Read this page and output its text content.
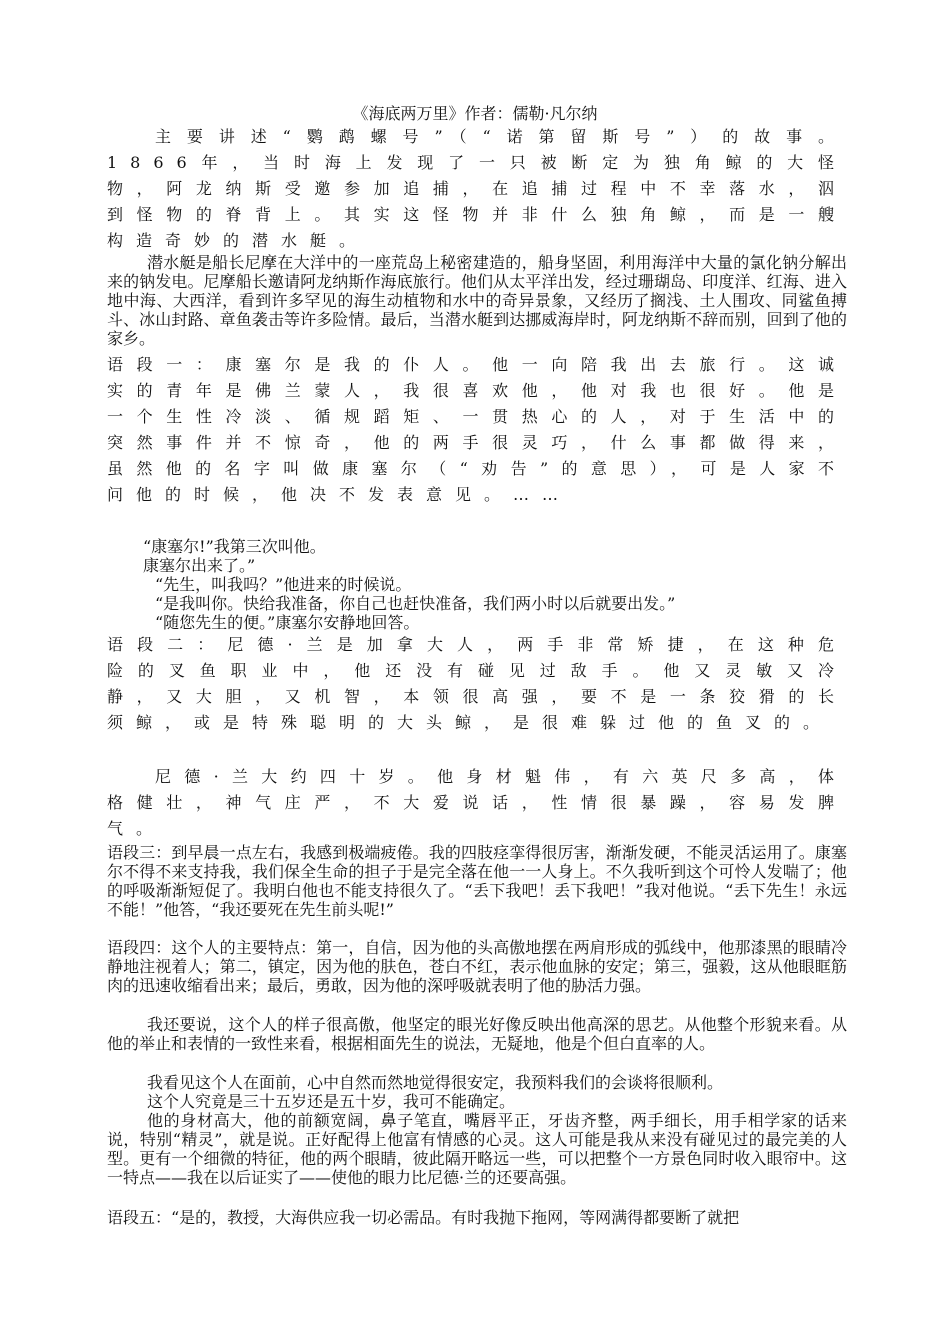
《海底两万里》作者：儒勒·凡尔纳
主要讲述“鹦鹉螺号”（“诺第留斯号”）的故事。1866年，当时海上发现了一只被断定为独角鲸的大怪物，阿龙纳斯受邀参加追捕，在追捕过程中不幸落水，泅到怪物的脊背上。其实这怪物并非什么独角鲸，而是一艘构造奇妙的潜水艇。
潜水艇是船长尼摩在大洋中的一座荒岛上秘密建造的，船身坚固，利用海洋中大量的氯化钠分解出来的钠发电。尼摩船长邀请阿龙纳斯作海底旅行。他们从太平洋出发，经过珊瑚岛、印度洋、红海、进入地中海、大西洋，看到许多罕见的海生动植物和水中的奇异景象，又经历了搁浅、土人围攻、同鲨鱼搏斗、冰山封路、章鱼袭击等许多险情。最后，当潜水艇到达挪威海岸时，阿龙纳斯不辞而别，回到了他的家乡。
语段一：康塞尔是我的仆人。他一向陪我出去旅行。这诚实的青年是佛兰蒙人，我很喜欢他，他对我也很好。他是一个生性冷淡、循规蹈矩、一贯热心的人，对于生活中的突然事件并不惊奇，他的两手很灵巧，什么事都做得来，虽然他的名字叫做康塞尔（“劝告”的意思），可是人家不问他的时候，他决不发表意见。……
“康塞尔!”我第三次叫他。
康塞尔出来了。”
“先生，叫我吗？”他进来的时候说。
“是我叫你。快给我准备，你自己也赶快准备，我们两小时以后就要出发。”
“随您先生的便。”康塞尔安静地回答。
语段二：尼德·兰是加拿大人，两手非常矫捷，在这种危险的叉鱼职业中，他还没有碰见过敌手。他又灵敏又冷静，又大胆，又机智，本领很高强，要不是一条狡猾的长须鲸，或是特殊聪明的大头鲸，是很难躲过他的鱼叉的。
尼德·兰大约四十岁。他身材魁伟，有六英尺多高，体格健壮，神气庄严，不大爱说话，性情很暴躁，容易发脾气。
语段三：到早晨一点左右，我感到极端疲倦。我的四肢痉挛得很厉害，渐渐发硬，不能灵活运用了。康塞尔不得不来支持我，我们保全生命的担子于是完全落在他一一人身上。不久我听到这个可怜人发喘了；他的呼吸渐渐短促了。我明白他也不能支持很久了。“丢下我吧！丢下我吧！”我对他说。“丢下先生！永远不能！”他答，“我还要死在先生前头呢!”
语段四：这个人的主要特点：第一，自信，因为他的头高傲地摆在两肩形成的弧线中，他那漆黑的眼睛冷静地注视着人；第二，镇定，因为他的肤色，苍白不红，表示他血脉的安定；第三，强毅，这从他眼眶筋肉的迅速收缩看出来；最后，勇敢，因为他的深呼吸就表明了他的胁活力强。
我还要说，这个人的样子很高傲，他坚定的眼光好像反映出他高深的思艺。从他整个形貌来看。从他的举止和表情的一致性来看，根据相面先生的说法，无疑地，他是个但白直率的人。
我看见这个人在面前，心中自然而然地觉得很安定，我预料我们的会谈将很顺利。
这个人究竟是三十五岁还是五十岁，我可不能确定。
他的身材高大，他的前额宽阔，鼻子笔直，嘴唇平正，牙齿齐整，两手细长，用手相学家的话来说，特别“精灵”，就是说。正好配得上他富有情感的心灵。这人可能是我从来没有碰见过的最完美的人型。更有一个细微的特征，他的两个眼睛，彼此隔开略远一些，可以把整个一方景色同时收入眼帘中。这一特点——我在以后证实了——使他的眼力比尼德·兰的还要高强。
语段五：“是的，教授，大海供应我一切必需品。有时我抛下拖网，等网满得都要断了就把
